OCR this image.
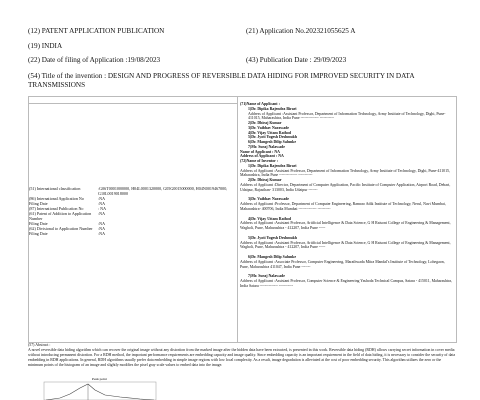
(12) PATENT APPLICATION PUBLICATION	(21) Application No.202321055625 A
(19) INDIA
(22) Date of filing of Application :19/08/2023	(43) Publication Date : 29/09/2023
(54) Title of the invention : DESIGN AND PROGRESS OF REVERSIBLE DATA HIDING FOR IMPROVED SECURITY IN DATA TRANSMISSIONS
(51) International classification	:G06T0001000000, H04L0001320000, G05G0015000000, H04N0019467000, G10L0019018000
(86) International Application No	:NA
Filing Date	:NA
(87) International Publication No	: NA
(61) Patent of Addition to Application Number
:NA
Filing Date	:NA
(62) Divisional to Application Number	:NA
Filing Date	:NA
(71)Name of Applicant :
1)Dr. Dipika Rajendra Birari
Address of Applicant :Assistant Professor, Department of Information Technology, Army Institute of Technology, Dighi, Pune-411015, Maharashtra, India Pune -------------- -----------
2)Dr. Dhiraj Kumar
3)Dr. Vaibhav Narawade
4)Dr. Vijay Uttam Rathod
5)Dr. Jyoti Yogesh Deshmukh
6)Dr. Mangesh Dilip Salunke
7)Mr. Suraj Nalawade
Name of Applicant : NA
Address of Applicant : NA
(72)Name of Inventor :
1)Dr. Dipika Rajendra Birari
Address of Applicant :Assistant Professor, Department of Information Technology, Army Institute of Technology, Dighi, Pune-411015, Maharashtra, India Pune -------------- -----------
2)Dr. Dhiraj Kumar
Address of Applicant :Director, Department of Computer Application, Pacific Institute of Computer Application, Airport Road, Debari, Udaipur, Rajasthan- 313003, India Udaipur -------
3)Dr. Vaibhav Narawade
Address of Applicant :Professor, Department of Computer Engineering, Ramrao Adik Institute of Technology, Nerul, Navi Mumbai, Maharashtra- 400706, India Mumbai -------------- ----------
4)Dr. Vijay Uttam Rathod
Address of Applicant :Assistant Professor, Artificial Intelligence & Data Science, G H Raisoni College of Engineering & Management, Wagholi, Pune, Maharashtra - 412207, India Pune -----
5)Dr. Jyoti Yogesh Deshmukh
Address of Applicant :Assistant Professor, Artificial Intelligence & Data Science, G H Raisoni College of Engineering & Management, Wagholi, Pune, Maharashtra - 412207, India Pune -----
6)Dr. Mangesh Dilip Salunke
Address of Applicant :Associate Professor, Computer Engineering, Marathwada Mitra Mandal's Institute of Technology, Lohegaon, Pune, Maharashtra 411047, India Pune -------
7)Mr. Suraj Nalawade
Address of Applicant :Assistant Professor, Computer Science & Engineering Yashoda Technical Campus, Satara - 415011, Maharashtra, India Satara -------------- -----------
(57) Abstract :
A novel reversible data hiding algorithm which can recover the original image without any distortion from the marked image after the hidden data have been extracted, is presented in this work. Reversible data hiding (RDH) allows carrying secret information in cover media without introducing permanent distortion. For a RDH method, the important performance requirements are embedding capacity and image quality. Since embedding capacity is an important requirement in the field of data hiding, it is necessary to consider the security of data embedding in RDH applications. In general, RDH algorithms usually prefer data embedding in simple image regions with low local complexity. As a result, image degradation is alleviated at the cost of poor embedding security. This algorithm utilizes the zero or the minimum points of the histogram of an image and slightly modifies the pixel gray scale values to embed data into the image.
Peak point
